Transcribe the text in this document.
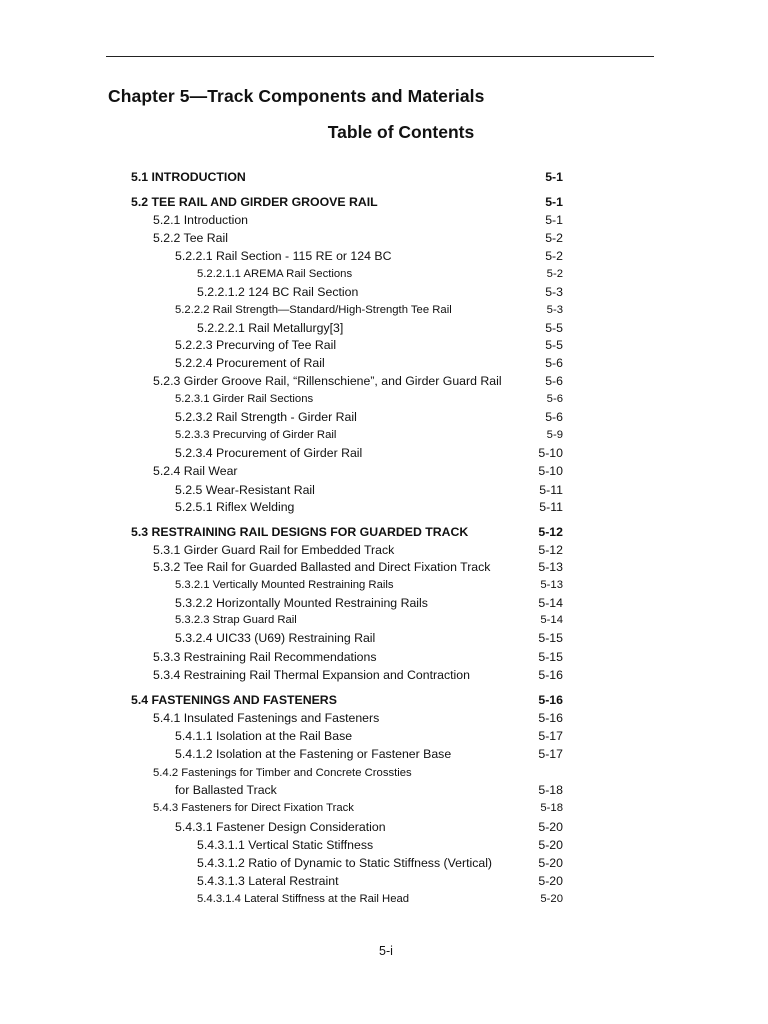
Chapter 5—Track Components and Materials
Table of Contents
5.1 INTRODUCTION	5-1
5.2 TEE RAIL AND GIRDER GROOVE RAIL	5-1
5.2.1 Introduction	5-1
5.2.2 Tee Rail	5-2
5.2.2.1 Rail Section - 115 RE or 124 BC	5-2
5.2.2.1.1 AREMA Rail Sections	5-2
5.2.2.1.2 124 BC Rail Section	5-3
5.2.2.2 Rail Strength—Standard/High-Strength Tee Rail	5-3
5.2.2.2.1 Rail Metallurgy[3]	5-5
5.2.2.3 Precurving of Tee Rail	5-5
5.2.2.4 Procurement of Rail	5-6
5.2.3 Girder Groove Rail, “Rillenschiene”, and Girder Guard Rail	5-6
5.2.3.1 Girder Rail Sections	5-6
5.2.3.2 Rail Strength - Girder Rail	5-6
5.2.3.3 Precurving of Girder Rail	5-9
5.2.3.4 Procurement of Girder Rail	5-10
5.2.4 Rail Wear	5-10
5.2.5 Wear-Resistant Rail	5-11
5.2.5.1 Riflex Welding	5-11
5.3 RESTRAINING RAIL DESIGNS FOR GUARDED TRACK	5-12
5.3.1 Girder Guard Rail for Embedded Track	5-12
5.3.2 Tee Rail for Guarded Ballasted and Direct Fixation Track	5-13
5.3.2.1 Vertically Mounted Restraining Rails	5-13
5.3.2.2 Horizontally Mounted Restraining Rails	5-14
5.3.2.3 Strap Guard Rail	5-14
5.3.2.4 UIC33 (U69) Restraining Rail	5-15
5.3.3 Restraining Rail Recommendations	5-15
5.3.4 Restraining Rail Thermal Expansion and Contraction	5-16
5.4 FASTENINGS AND FASTENERS	5-16
5.4.1 Insulated Fastenings and Fasteners	5-16
5.4.1.1 Isolation at the Rail Base	5-17
5.4.1.2 Isolation at the Fastening or Fastener Base	5-17
5.4.2 Fastenings for Timber and Concrete Crossties
for Ballasted Track	5-18
5.4.3 Fasteners for Direct Fixation Track	5-18
5.4.3.1 Fastener Design Consideration	5-20
5.4.3.1.1 Vertical Static Stiffness	5-20
5.4.3.1.2 Ratio of Dynamic to Static Stiffness (Vertical)	5-20
5.4.3.1.3 Lateral Restraint	5-20
5.4.3.1.4 Lateral Stiffness at the Rail Head	5-20
5-i
